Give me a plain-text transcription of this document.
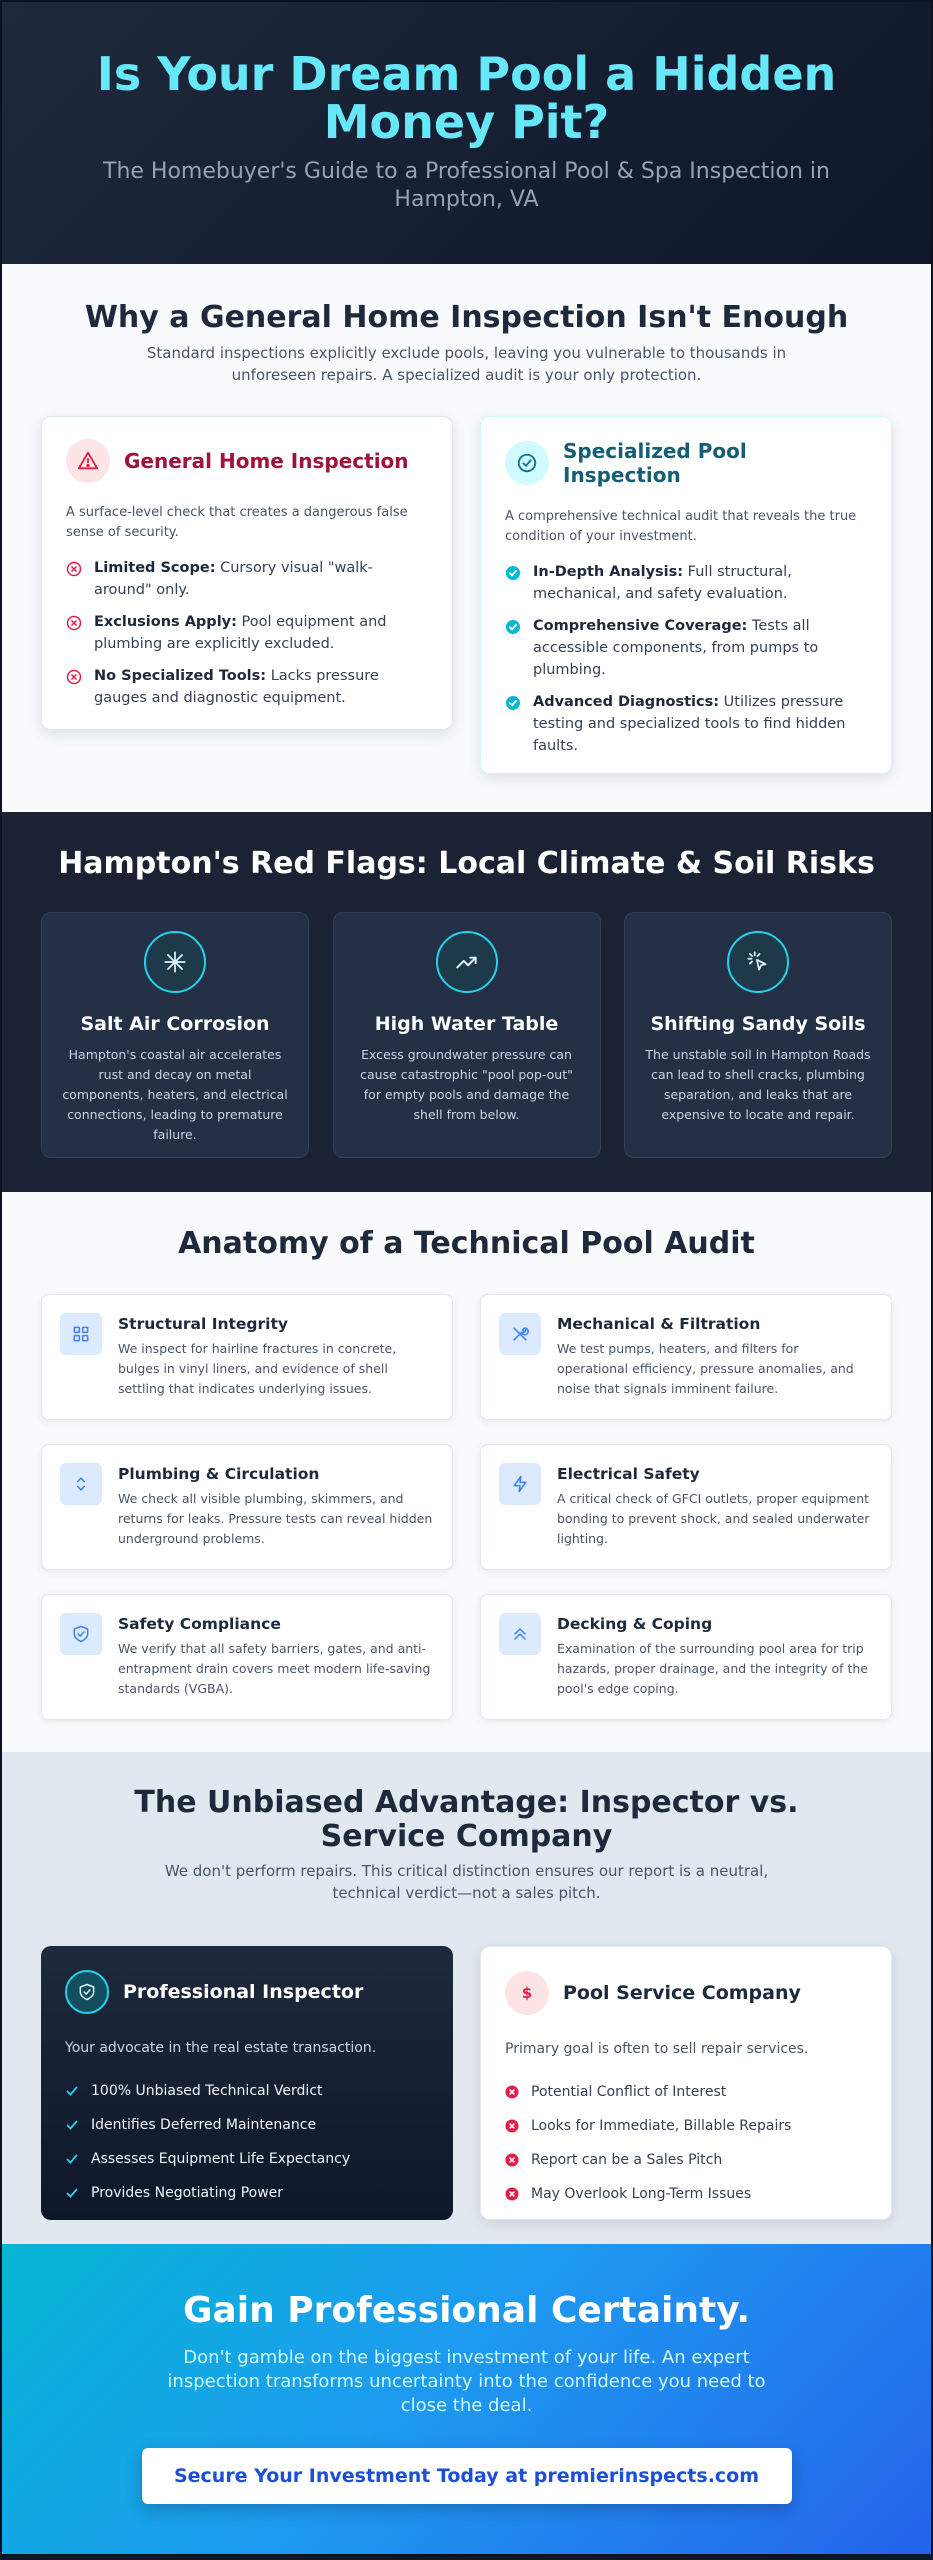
Is Your Dream Pool a Hidden Money Pit?

The Homebuyer's Guide to a Professional Pool & Spa Inspection in Hampton, VA

Why a General Home Inspection Isn't Enough

Standard inspections explicitly exclude pools, leaving you vulnerable to thousands in unforeseen repairs. A specialized audit is your only protection.

General Home Inspection

A surface-level check that creates a dangerous false sense of security.

Limited Scope: Cursory visual "walk-around" only.
Exclusions Apply: Pool equipment and plumbing are explicitly excluded.
No Specialized Tools: Lacks pressure gauges and diagnostic equipment.
Specialized Pool Inspection

A comprehensive technical audit that reveals the true condition of your investment.

In-Depth Analysis: Full structural, mechanical, and safety evaluation.
Comprehensive Coverage: Tests all accessible components, from pumps to plumbing.
Advanced Diagnostics: Utilizes pressure testing and specialized tools to find hidden faults.
Hampton's Red Flags: Local Climate & Soil Risks
Salt Air Corrosion

Hampton's coastal air accelerates rust and decay on metal components, heaters, and electrical connections, leading to premature failure.

High Water Table

Excess groundwater pressure can cause catastrophic "pool pop-out" for empty pools and damage the shell from below.

Shifting Sandy Soils

The unstable soil in Hampton Roads can lead to shell cracks, plumbing separation, and leaks that are expensive to locate and repair.

Anatomy of a Technical Pool Audit
Structural Integrity

We inspect for hairline fractures in concrete, bulges in vinyl liners, and evidence of shell settling that indicates underlying issues.

Mechanical & Filtration

We test pumps, heaters, and filters for operational efficiency, pressure anomalies, and noise that signals imminent failure.

Plumbing & Circulation

We check all visible plumbing, skimmers, and returns for leaks. Pressure tests can reveal hidden underground problems.

Electrical Safety

A critical check of GFCI outlets, proper equipment bonding to prevent shock, and sealed underwater lighting.

Safety Compliance

We verify that all safety barriers, gates, and anti-entrapment drain covers meet modern life-saving standards (VGBA).

Decking & Coping

Examination of the surrounding pool area for trip hazards, proper drainage, and the integrity of the pool's edge coping.

The Unbiased Advantage: Inspector vs. Service Company

We don't perform repairs. This critical distinction ensures our report is a neutral, technical verdict—not a sales pitch.

Professional Inspector

Your advocate in the real estate transaction.

100% Unbiased Technical Verdict
Identifies Deferred Maintenance
Assesses Equipment Life Expectancy
Provides Negotiating Power
$ Pool Service Company

Primary goal is often to sell repair services.

Potential Conflict of Interest
Looks for Immediate, Billable Repairs
Report can be a Sales Pitch
May Overlook Long-Term Issues
Gain Professional Certainty.

Don't gamble on the biggest investment of your life. An expert inspection transforms uncertainty into the confidence you need to close the deal.

Secure Your Investment Today at premierinspects.com
